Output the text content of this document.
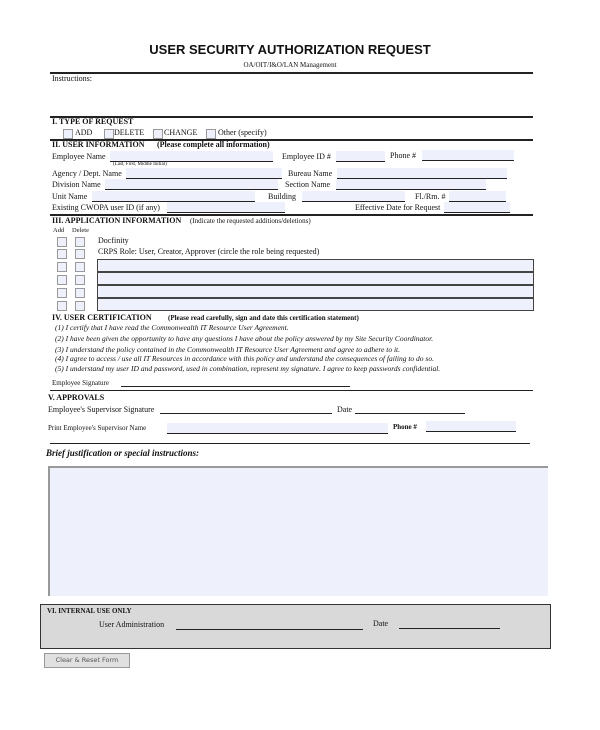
USER SECURITY AUTHORIZATION REQUEST
OA/OIT/I&O/LAN Management
Instructions:
I. TYPE OF REQUEST
ADD	DELETE CHANGE	Other (specify)
II. USER INFORMATION (Please complete all information)
Employee Name
(Last, First, Middle Initial)
Employee ID #	Phone #
Agency / Dept. Name	Bureau Name
Division Name	Section Name
Unit Name	Building	Fl./Rm. #
Existing CWOPA user ID (if any)	Effective Date for Request
III. APPLICATION INFORMATION (Indicate the requested additions/deletions)
Add Delete
Docfinity
CRPS Role: User, Creator, Approver (circle the role being requested)
IV. USER CERTIFICATION (Please read carefully, sign and date this certification statement)
(1) I certify that I have read the Commonwealth IT Resource User Agreement.
(2) I have been given the opportunity to have any questions I have about the policy answered by my Site Security Coordinator.
(3) I understand the policy contained in the Commonwealth IT Resource User Agreement and agree to adhere to it.
(4) I agree to access / use all IT Resources in accordance with this policy and understand the consequences of failing to do so.
(5) I understand my user ID and password, used in combination, represent my signature. I agree to keep passwords confidential.
Employee Signature
V. APPROVALS
Employee's Supervisor Signature	Date
Print Employee's Supervisor Name	Phone #
Brief justification or special instructions:
VI. INTERNAL USE ONLY
User Administration	Date
Clear & Reset Form
